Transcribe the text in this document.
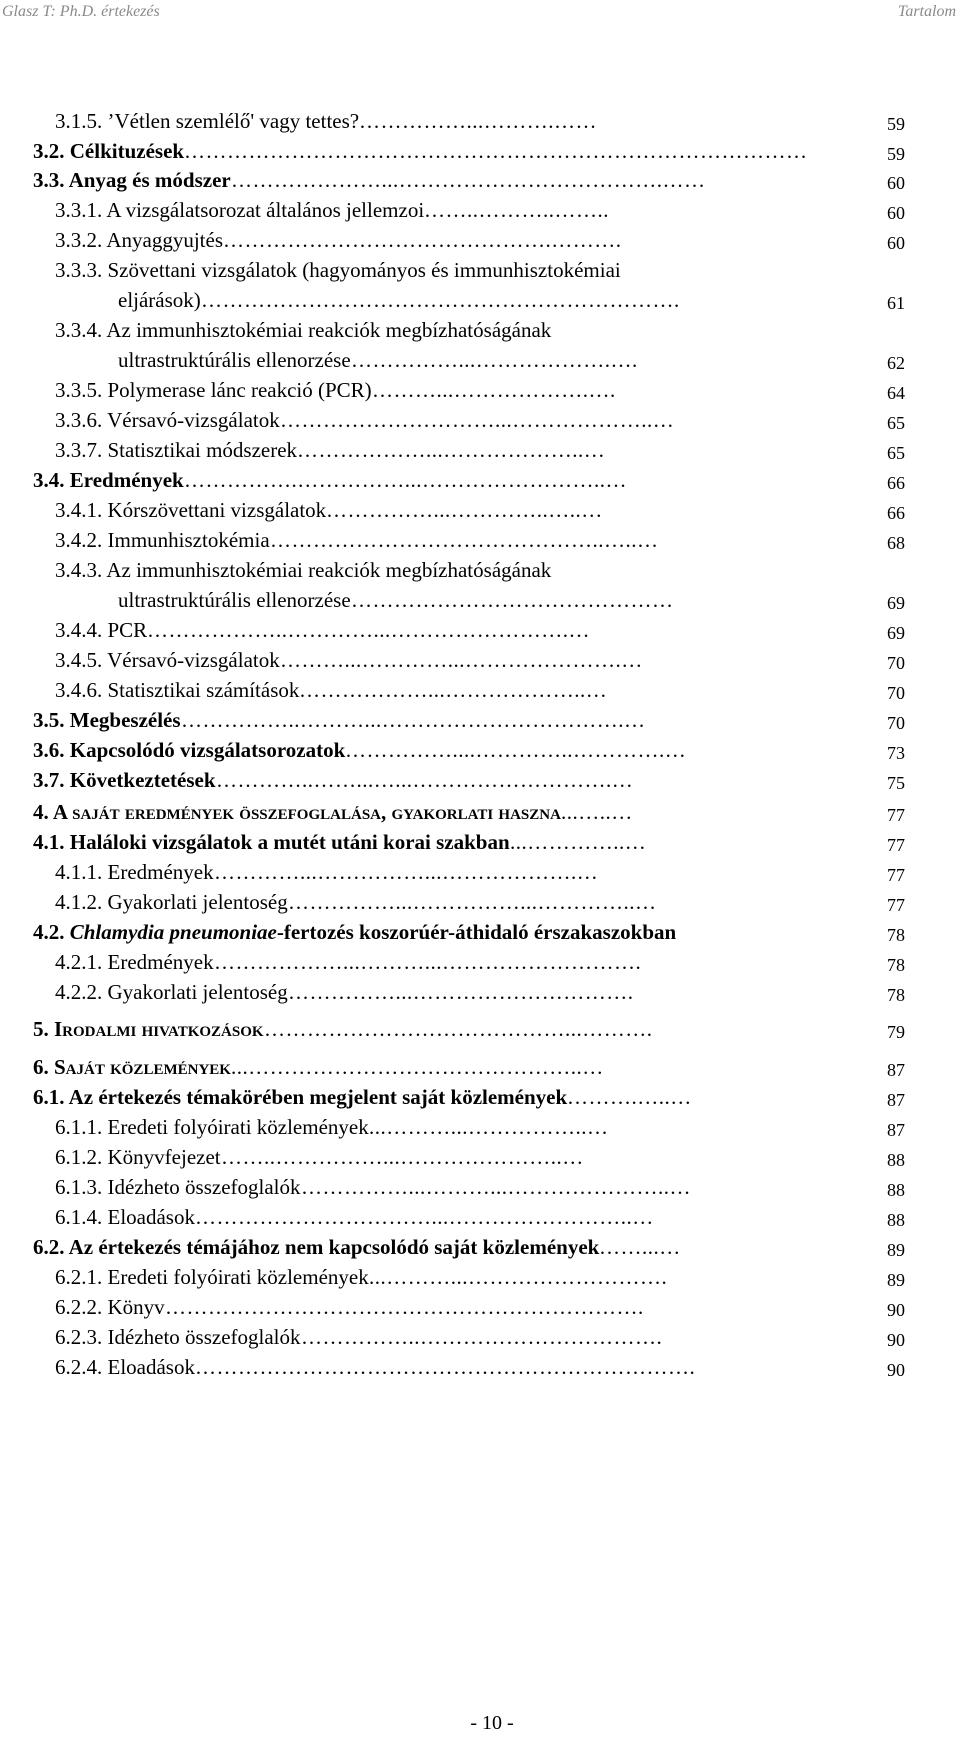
Glasz T: Ph.D. értekezés	Tartalom
3.1.5. ’Vétlen szemlélő' vagy tettes? ……………...……….……	59
3.2. Célkituzések ……………………………………………………………………………	59
3.3. Anyag és módszer …………………...……………………………….……	60
3.3.1. A vizsgálatsorozat általános jellemzoi ……..………..……..	60
3.3.2. Anyaggyujtés ……………………………………….……….	60
3.3.3. Szövettani vizsgálatok (hagyományos és immunhisztokémiai
eljárások) ………………………………………………………….	61
3.3.4. Az immunhisztokémiai reakciók megbízhatóságának
ultrastruktúrális ellenorzése ……………...……………….….	62
3.3.5. Polymerase lánc reakció (PCR) ………...……………….….	64
3.3.6. Vérsavó-vizsgálatok …………………………...………………..…	65
3.3.7. Statisztikai módszerek ………………...………………..…	65
3.4. Eredmények …………….……………...……………………..…	66
3.4.1. Kórszövettani vizsgálatok ……………...…………..…..…	66
3.4.2. Immunhisztokémia ………………………………………..…..…	68
3.4.3. Az immunhisztokémiai reakciók megbízhatóságának
ultrastruktúrális ellenorzése ………………………………………	69
3.4.4. PCR ………………..…………...…………………….…	69
3.4.5. Vérsavó-vizsgálatok ………...…………...………………….…	70
3.4.6. Statisztikai számítások ………………...………………..…	70
3.5. Megbeszélés ……………..………...…………………………….…	70
3.6. Kapcsolódó vizsgálatsorozatok ……………....…………..………….…	73
3.7. Következtetések …………..……...…...……………………….…	75
4. A saját eredmények összefoglalása, gyakorlati haszna ...…..…	77
4.1. Haláloki vizsgálatok a mutét utáni korai szakban ...…………..…	77
4.1.1. Eredmények …………...……………...……………….…	77
4.1.2. Gyakorlati jelentoség ……………...……………...…………..…	77
4.2. Chlamydia pneumoniae-fertozés koszorúér-áthidaló érszakaszokban	78
4.2.1. Eredmények ………………...………...……………………….	78
4.2.2. Gyakorlati jelentoség ……………...………………………….	78
5. Irodalmi hivatkozások ……………………………………...……….	79
6. Saját közlemények ...………………………………………..…	87
6.1. Az értekezés témakörében megjelent saját közlemények ……….…..…	87
6.1.1. Eredeti folyóirati közlemények ...………...……………..…	87
6.1.2. Könyvfejezet ……..……………...…………………..…	88
6.1.3. Idézheto összefoglalók ……………...………...…………………..…	88
6.1.4. Eloadások ……………………………...……………………..…	88
6.2. Az értekezés témájához nem kapcsolódó saját közlemények ……...…	89
6.2.1. Eredeti folyóirati közlemények ...………...……………………….	89
6.2.2. Könyv ………………………………………………………….	90
6.2.3. Idézheto összefoglalók ……………..…………………………….	90
6.2.4. Eloadások …………………………………………………………….	90
- 10 -
